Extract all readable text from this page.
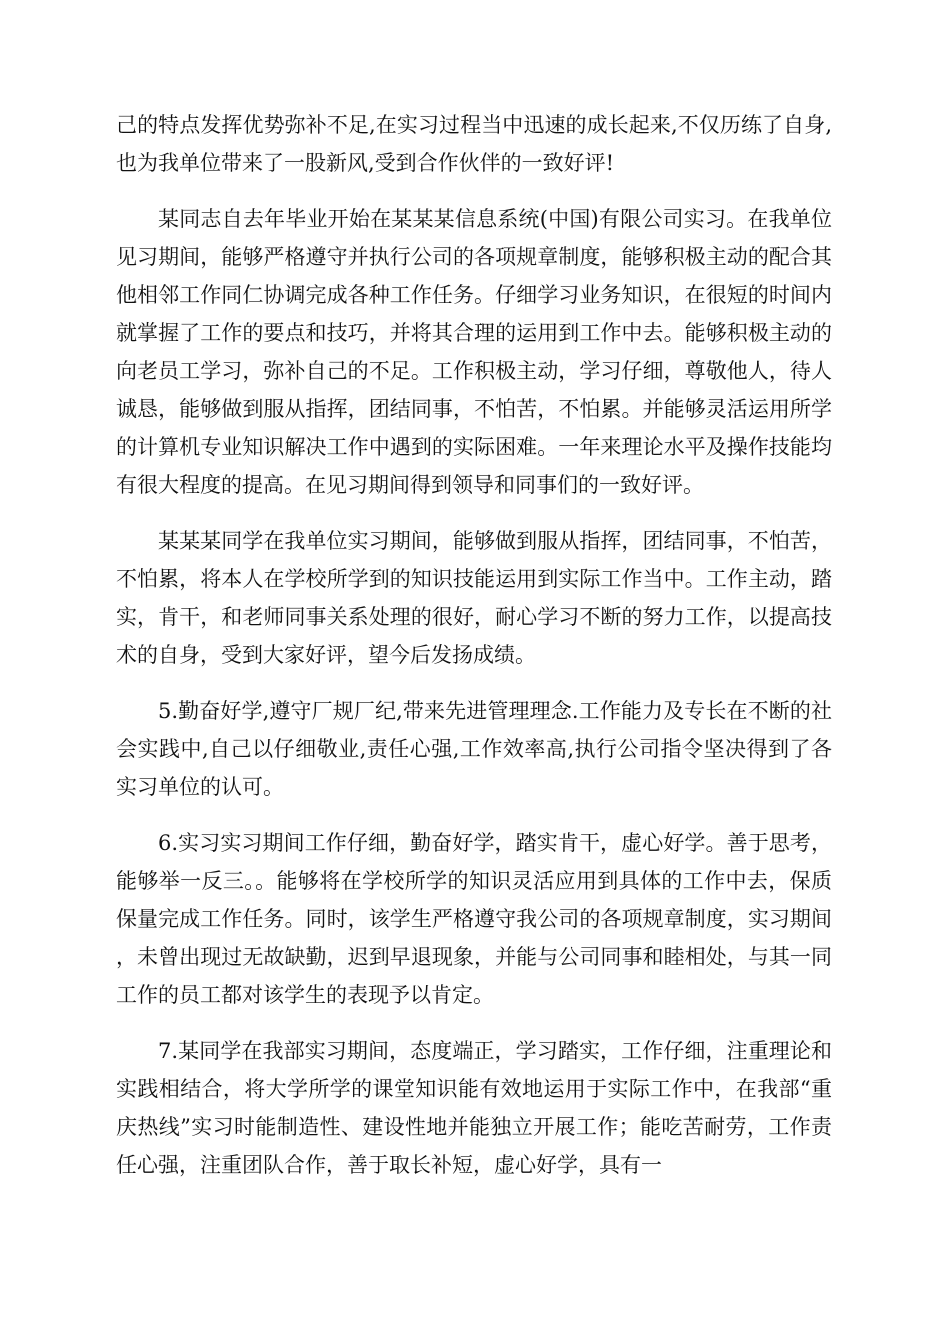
己的特点发挥优势弥补不足,在实习过程当中迅速的成长起来,不仅历练了自身,也为我单位带来了一股新风,受到合作伙伴的一致好评!

某同志自去年毕业开始在某某某信息系统(中国)有限公司实习。在我单位见习期间，能够严格遵守并执行公司的各项规章制度，能够积极主动的配合其他相邻工作同仁协调完成各种工作任务。仔细学习业务知识，在很短的时间内就掌握了工作的要点和技巧，并将其合理的运用到工作中去。能够积极主动的向老员工学习，弥补自己的不足。工作积极主动，学习仔细，尊敬他人，待人诚恳，能够做到服从指挥，团结同事，不怕苦，不怕累。并能够灵活运用所学的计算机专业知识解决工作中遇到的实际困难。一年来理论水平及操作技能均有很大程度的提高。在见习期间得到领导和同事们的一致好评。

某某某同学在我单位实习期间，能够做到服从指挥，团结同事，不怕苦，不怕累，将本人在学校所学到的知识技能运用到实际工作当中。工作主动，踏实，肯干，和老师同事关系处理的很好，耐心学习不断的努力工作，以提高技术的自身，受到大家好评，望今后发扬成绩。

5.勤奋好学,遵守厂规厂纪,带来先进管理理念.工作能力及专长在不断的社会实践中,自己以仔细敬业,责任心强,工作效率高,执行公司指令坚决得到了各实习单位的认可。

6.实习实习期间工作仔细，勤奋好学，踏实肯干，虚心好学。善于思考，能够举一反三。。能够将在学校所学的知识灵活应用到具体的工作中去，保质保量完成工作任务。同时，该学生严格遵守我公司的各项规章制度，实习期间，未曾出现过无故缺勤，迟到早退现象，并能与公司同事和睦相处，与其一同工作的员工都对该学生的表现予以肯定。

7.某同学在我部实习期间，态度端正，学习踏实，工作仔细，注重理论和实践相结合，将大学所学的课堂知识能有效地运用于实际工作中，在我部“重庆热线”实习时能制造性、建设性地并能独立开展工作；能吃苦耐劳，工作责任心强，注重团队合作，善于取长补短，虚心好学，具有一
